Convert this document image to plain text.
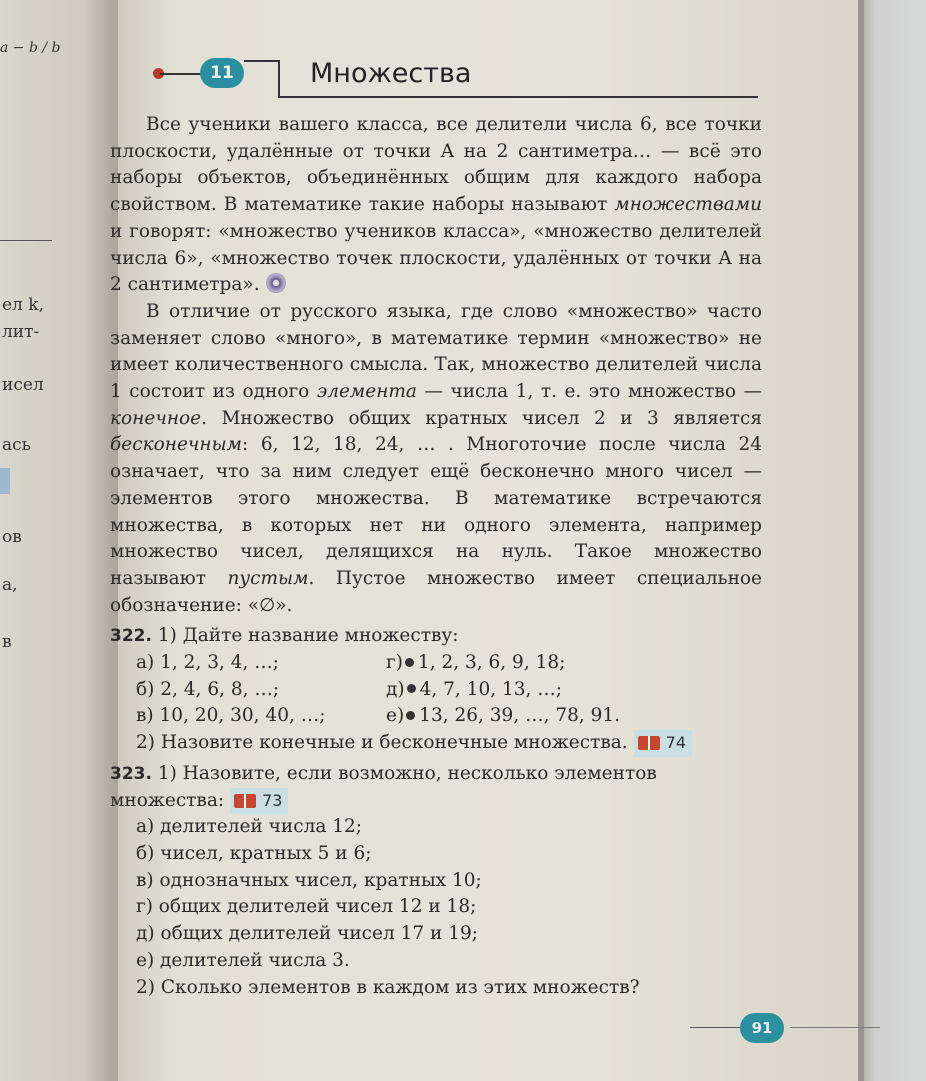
a − b / b
ел k,
лит-
исел
ась
ов
а,
в
11	Множества

Все ученики вашего класса, все делители числа 6, все точки плоскости, удалённые от точки A на 2 сантиметра… — всё это наборы объектов, объединённых общим для каждого набора свойством. В математике такие наборы называют множествами и говорят: «множество учеников класса», «множество делителей числа 6», «множество точек плоскости, удалённых от точки A на 2 сантиметра».

В отличие от русского языка, где слово «множество» часто заменяет слово «много», в математике термин «множество» не имеет количественного смысла. Так, множество делителей числа 1 состоит из одного элемента — числа 1, т. е. это множество — конечное. Множество общих кратных чисел 2 и 3 является бесконечным: 6, 12, 18, 24, … . Многоточие после числа 24 означает, что за ним следует ещё бесконечно много чисел — элементов этого множества. В математике встречаются множества, в которых нет ни одного элемента, например множество чисел, делящихся на нуль. Такое множество называют пустым. Пустое множество имеет специальное обозначение: «∅».

322. 1) Дайте название множеству:
а) 1, 2, 3, 4, …;	г) 1, 2, 3, 6, 9, 18;
б) 2, 4, 6, 8, …;	д) 4, 7, 10, 13, …;
в) 10, 20, 30, 40, …;	е) 13, 26, 39, …, 78, 91.
2) Назовите конечные и бесконечные множества. 74
323. 1) Назовите, если возможно, несколько элементов множества: 73
а) делителей числа 12;
б) чисел, кратных 5 и 6;
в) однозначных чисел, кратных 10;
г) общих делителей чисел 12 и 18;
д) общих делителей чисел 17 и 19;
е) делителей числа 3.
2) Сколько элементов в каждом из этих множеств?
91
